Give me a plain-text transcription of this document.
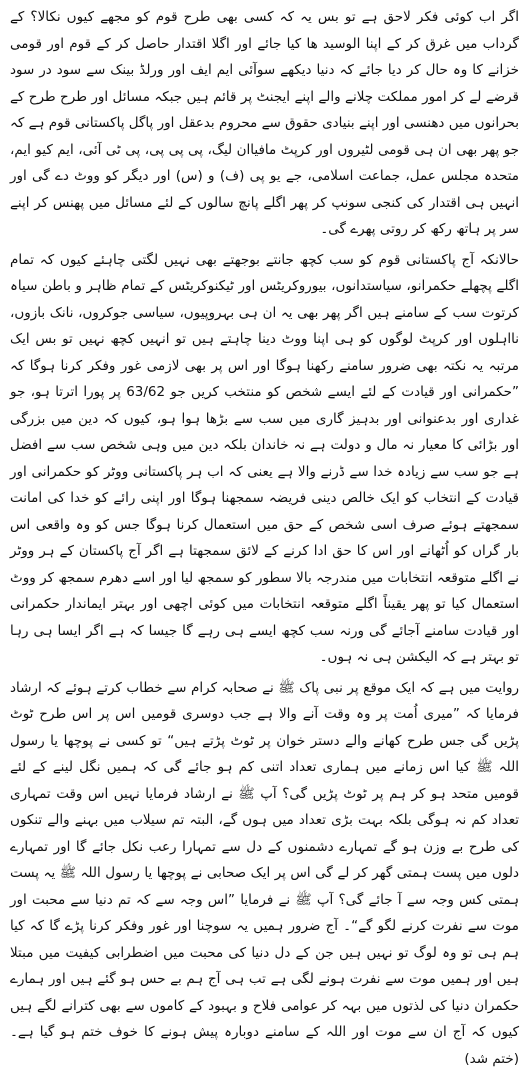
اگر اب کوئی فکر لاحق ہے تو بس یہ کہ کسی بھی طرح قوم کو مجھے کیوں نکالا؟ کے گرداب میں غرق کر کے اپنا الوسید ھا کیا جائے اور اگلا اقتدار حاصل کر کے قوم اور قومی خزانے کا وہ حال کر دیا جائے کہ دنیا دیکھے سوآئی ایم ایف اور ورلڈ بینک سے سود در سود قرضے لے کر امور مملکت چلانے والے اپنے ایجنٹ پر قائم ہیں جبکہ مسائل اور طرح طرح کے بحرانوں میں دھنسی اور اپنے بنیادی حقوق سے محروم بدعقل اور پاگل پاکستانی قوم ہے کہ جو پھر بھی ان ہی قومی لٹیروں اور کرپٹ مافیاان لیگ، پی پی پی، پی ٹی آئی، ایم کیو ایم، متحدہ مجلس عمل، جماعت اسلامی، جے یو پی (ف) و (س) اور دیگر کو ووٹ دے گی اور انہیں ہی اقتدار کی کنجی سونپ کر پھر اگلے پانچ سالوں کے لئے مسائل میں پھنس کر اپنے سر پر ہاتھ رکھ کر روتی پھرے گی۔

حالانکہ آج پاکستانی قوم کو سب کچھ جانتے بوجھتے بھی نہیں لگتی چاہئے کیوں کہ تمام اگلے پچھلے حکمرانو، سیاستدانوں، بیوروکریٹس اور ٹیکنوکریٹس کے تمام ظاہر و باطن سیاہ کرتوت سب کے سامنے ہیں اگر پھر بھی یہ ان ہی بہروپیوں، سیاسی جوکروں، نانک بازوں، نااہلوں اور کرپٹ لوگوں کو ہی اپنا ووٹ دینا چاہتے ہیں تو انہیں کچھ نہیں تو بس ایک مرتبہ یہ نکتہ بھی ضرور سامنے رکھنا ہوگا اور اس پر بھی لازمی غور وفکر کرنا ہوگا کہ ”حکمرانی اور قیادت کے لئے ایسے شخص کو منتخب کریں جو 63/62 پر پورا اترتا ہو، جو غداری اور بدعنوانی اور بدہیز گاری میں سب سے بڑھا ہوا ہو، کیوں کہ دین میں بزرگی اور بڑائی کا معیار نہ مال و دولت ہے نہ خاندان بلکہ دین میں وہی شخص سب سے افضل ہے جو سب سے زیادہ خدا سے ڈرنے والا ہے یعنی کہ اب ہر پاکستانی ووٹر کو حکمرانی اور قیادت کے انتخاب کو ایک خالص دینی فریضہ سمجھنا ہوگا اور اپنی رائے کو خدا کی امانت سمجھتے ہوئے صرف اسی شخص کے حق میں استعمال کرنا ہوگا جس کو وہ واقعی اس بار گراں کو اُٹھانے اور اس کا حق ادا کرنے کے لائق سمجھتا ہے اگر آج پاکستان کے ہر ووٹر نے اگلے متوقعہ انتخابات میں مندرجہ بالا سطور کو سمجھ لیا اور اسے دھرم سمجھ کر ووٹ استعمال کیا تو پھر یقیناً اگلے متوقعہ انتخابات میں کوئی اچھی اور بہتر ایماندار حکمرانی اور قیادت سامنے آجائے گی ورنہ سب کچھ ایسے ہی رہے گا جیسا کہ ہے اگر ایسا ہی رہا تو بہتر ہے کہ الیکشن ہی نہ ہوں۔

روایت میں ہے کہ ایک موقع پر نبی پاک ﷺ نے صحابہ کرام سے خطاب کرتے ہوئے کہ ارشاد فرمایا کہ ”میری اُمت پر وہ وقت آنے والا ہے جب دوسری قومیں اس پر اس طرح ٹوٹ پڑیں گی جس طرح کھانے والے دستر خوان پر ٹوٹ پڑتے ہیں“ تو کسی نے پوچھا یا رسول اللہ ﷺ کیا اس زمانے میں ہماری تعداد اتنی کم ہو جائے گی کہ ہمیں نگل لینے کے لئے قومیں متحد ہو کر ہم پر ٹوٹ پڑیں گی؟ آپ ﷺ نے ارشاد فرمایا نہیں اس وقت تمہاری تعداد کم نہ ہوگی بلکہ بہت بڑی تعداد میں ہوں گے، البتہ تم سیلاب میں بہنے والے تنکوں کی طرح بے وزن ہو گے تمہارے دشمنوں کے دل سے تمہارا رعب نکل جائے گا اور تمہارے دلوں میں پست ہمتی گھر کر لے گی اس پر ایک صحابی نے پوچھا یا رسول اللہ ﷺ یہ پست ہمتی کس وجہ سے آ جائے گی؟ آپ ﷺ نے فرمایا ”اس وجہ سے کہ تم دنیا سے محبت اور موت سے نفرت کرنے لگو گے“۔ آج ضرور ہمیں یہ سوچنا اور غور وفکر کرنا پڑے گا کہ کیا ہم ہی تو وہ لوگ تو نہیں ہیں جن کے دل دنیا کی محبت میں اضطرابی کیفیت میں مبتلا ہیں اور ہمیں موت سے نفرت ہونے لگی ہے تب ہی آج ہم بے حس ہو گئے ہیں اور ہمارے حکمران دنیا کی لذتوں میں بہہ کر عوامی فلاح و بہبود کے کاموں سے بھی کترانے لگے ہیں کیوں کہ آج ان سے موت اور اللہ کے سامنے دوبارہ پیش ہونے کا خوف ختم ہو گیا ہے۔ (ختم شد)
